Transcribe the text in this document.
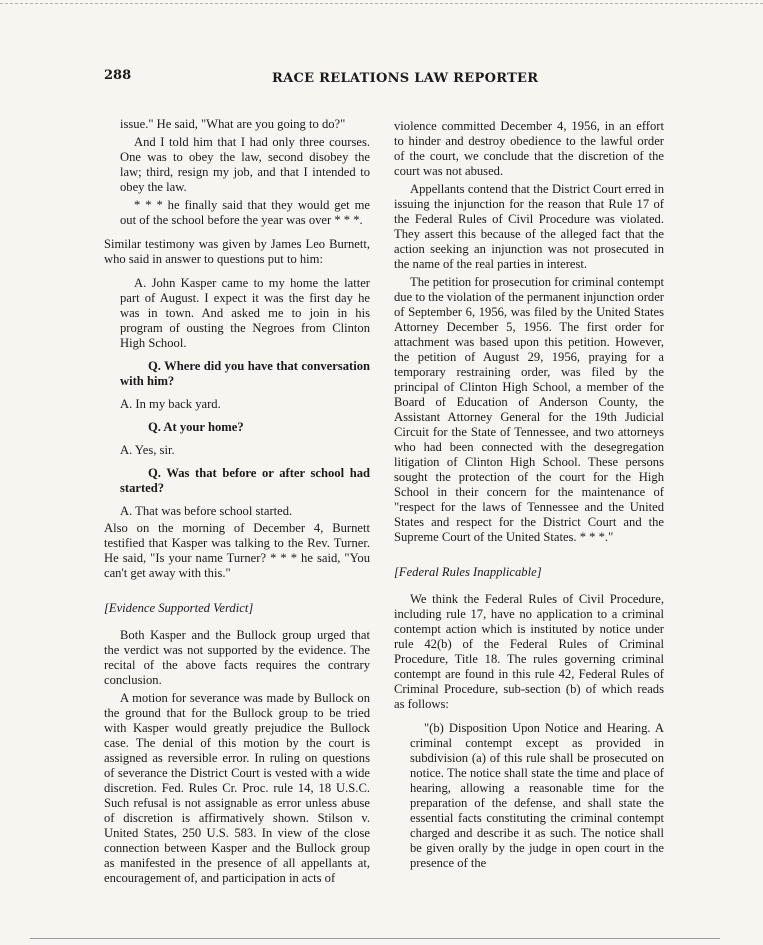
288	RACE RELATIONS LAW REPORTER

issue." He said, "What are you going to do?"

And I told him that I had only three courses. One was to obey the law, second disobey the law; third, resign my job, and that I intended to obey the law.

* * * he finally said that they would get me out of the school before the year was over * * *.

Similar testimony was given by James Leo Burnett, who said in answer to questions put to him:

A. John Kasper came to my home the latter part of August. I expect it was the first day he was in town. And asked me to join in his program of ousting the Negroes from Clinton High School.

Q. Where did you have that conversation with him?

A. In my back yard.

Q. At your home?

A. Yes, sir.

Q. Was that before or after school had started?

A. That was before school started.

Also on the morning of December 4, Burnett testified that Kasper was talking to the Rev. Turner. He said, "Is your name Turner? * * * he said, "You can't get away with this."

[Evidence Supported Verdict]

Both Kasper and the Bullock group urged that the verdict was not supported by the evidence. The recital of the above facts requires the contrary conclusion.

A motion for severance was made by Bullock on the ground that for the Bullock group to be tried with Kasper would greatly prejudice the Bullock case. The denial of this motion by the court is assigned as reversible error. In ruling on questions of severance the District Court is vested with a wide discretion. Fed. Rules Cr. Proc. rule 14, 18 U.S.C. Such refusal is not assignable as error unless abuse of discretion is affirmatively shown. Stilson v. United States, 250 U.S. 583. In view of the close connection between Kasper and the Bullock group as manifested in the presence of all appellants at, encouragement of, and participation in acts of

violence committed December 4, 1956, in an effort to hinder and destroy obedience to the lawful order of the court, we conclude that the discretion of the court was not abused.

Appellants contend that the District Court erred in issuing the injunction for the reason that Rule 17 of the Federal Rules of Civil Procedure was violated. They assert this because of the alleged fact that the action seeking an injunction was not prosecuted in the name of the real parties in interest.

The petition for prosecution for criminal contempt due to the violation of the permanent injunction order of September 6, 1956, was filed by the United States Attorney December 5, 1956. The first order for attachment was based upon this petition. However, the petition of August 29, 1956, praying for a temporary restraining order, was filed by the principal of Clinton High School, a member of the Board of Education of Anderson County, the Assistant Attorney General for the 19th Judicial Circuit for the State of Tennessee, and two attorneys who had been connected with the desegregation litigation of Clinton High School. These persons sought the protection of the court for the High School in their concern for the maintenance of "respect for the laws of Tennessee and the United States and respect for the District Court and the Supreme Court of the United States. * * *."

[Federal Rules Inapplicable]

We think the Federal Rules of Civil Procedure, including rule 17, have no application to a criminal contempt action which is instituted by notice under rule 42(b) of the Federal Rules of Criminal Procedure, Title 18. The rules governing criminal contempt are found in this rule 42, Federal Rules of Criminal Procedure, sub-section (b) of which reads as follows:

"(b) Disposition Upon Notice and Hearing. A criminal contempt except as provided in subdivision (a) of this rule shall be prosecuted on notice. The notice shall state the time and place of hearing, allowing a reasonable time for the preparation of the defense, and shall state the essential facts constituting the criminal contempt charged and describe it as such. The notice shall be given orally by the judge in open court in the presence of the
